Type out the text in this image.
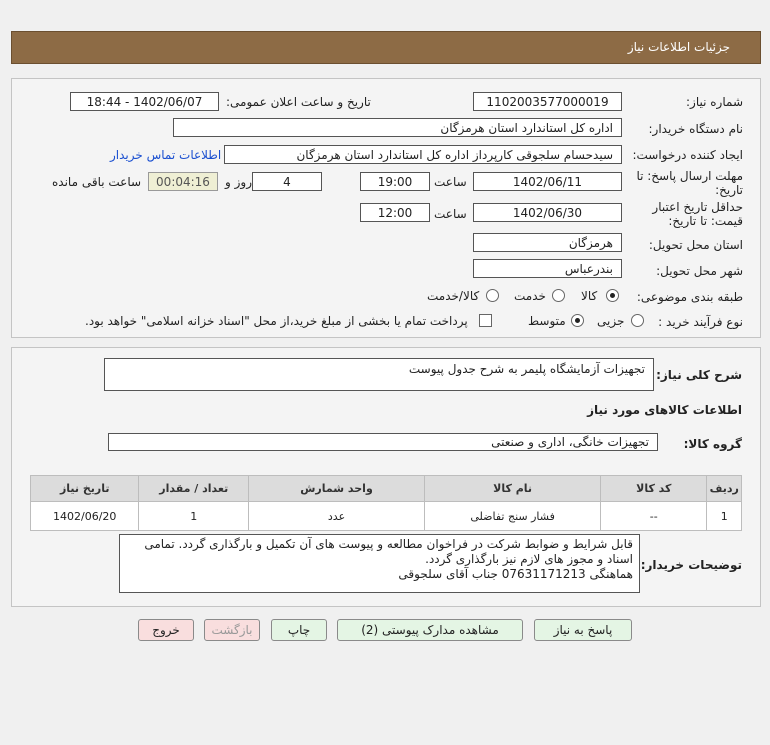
جزئیات اطلاعات نیاز
شماره نیاز:
1102003577000019
تاریخ و ساعت اعلان عمومی:
1402/06/07 - 18:44
نام دستگاه خریدار:
اداره کل استاندارد استان هرمزگان
ایجاد کننده درخواست:
سیدحسام سلجوقی کارپرداز اداره کل استاندارد استان هرمزگان
اطلاعات تماس خریدار
مهلت ارسال پاسخ: تا
تاریخ:
1402/06/11
ساعت
19:00
4
روز و
00:04:16
ساعت باقی مانده
حداقل تاریخ اعتبار
قیمت: تا تاریخ:
1402/06/30
ساعت
12:00
استان محل تحویل:
هرمزگان
شهر محل تحویل:
بندرعباس
طبقه بندی موضوعی:
کالا
خدمت
کالا/خدمت
نوع فرآیند خرید :
جزیی
متوسط
پرداخت تمام یا بخشی از مبلغ خرید،از محل "اسناد خزانه اسلامی" خواهد بود.
شرح کلی نیاز:
تجهیزات آزمایشگاه پلیمر به شرح جدول پیوست
اطلاعات کالاهای مورد نیاز
گروه کالا:
تجهیزات خانگی، اداری و صنعتی
ردیف	کد کالا	نام کالا	واحد شمارش	تعداد / مقدار	تاریخ نیاز
1	--	فشار سنج تفاضلی	عدد	1	1402/06/20
توضیحات خریدار:
قابل شرایط و ضوابط شرکت در فراخوان مطالعه و پیوست های آن تکمیل و بارگذاری گردد. تمامی اسناد و مجوز های لازم نیز بارگذاری گردد.
هماهنگی 07631171213 جناب آقای سلجوقی
پاسخ به نیاز
مشاهده مدارک پیوستی (2)
چاپ
بازگشت
خروج
